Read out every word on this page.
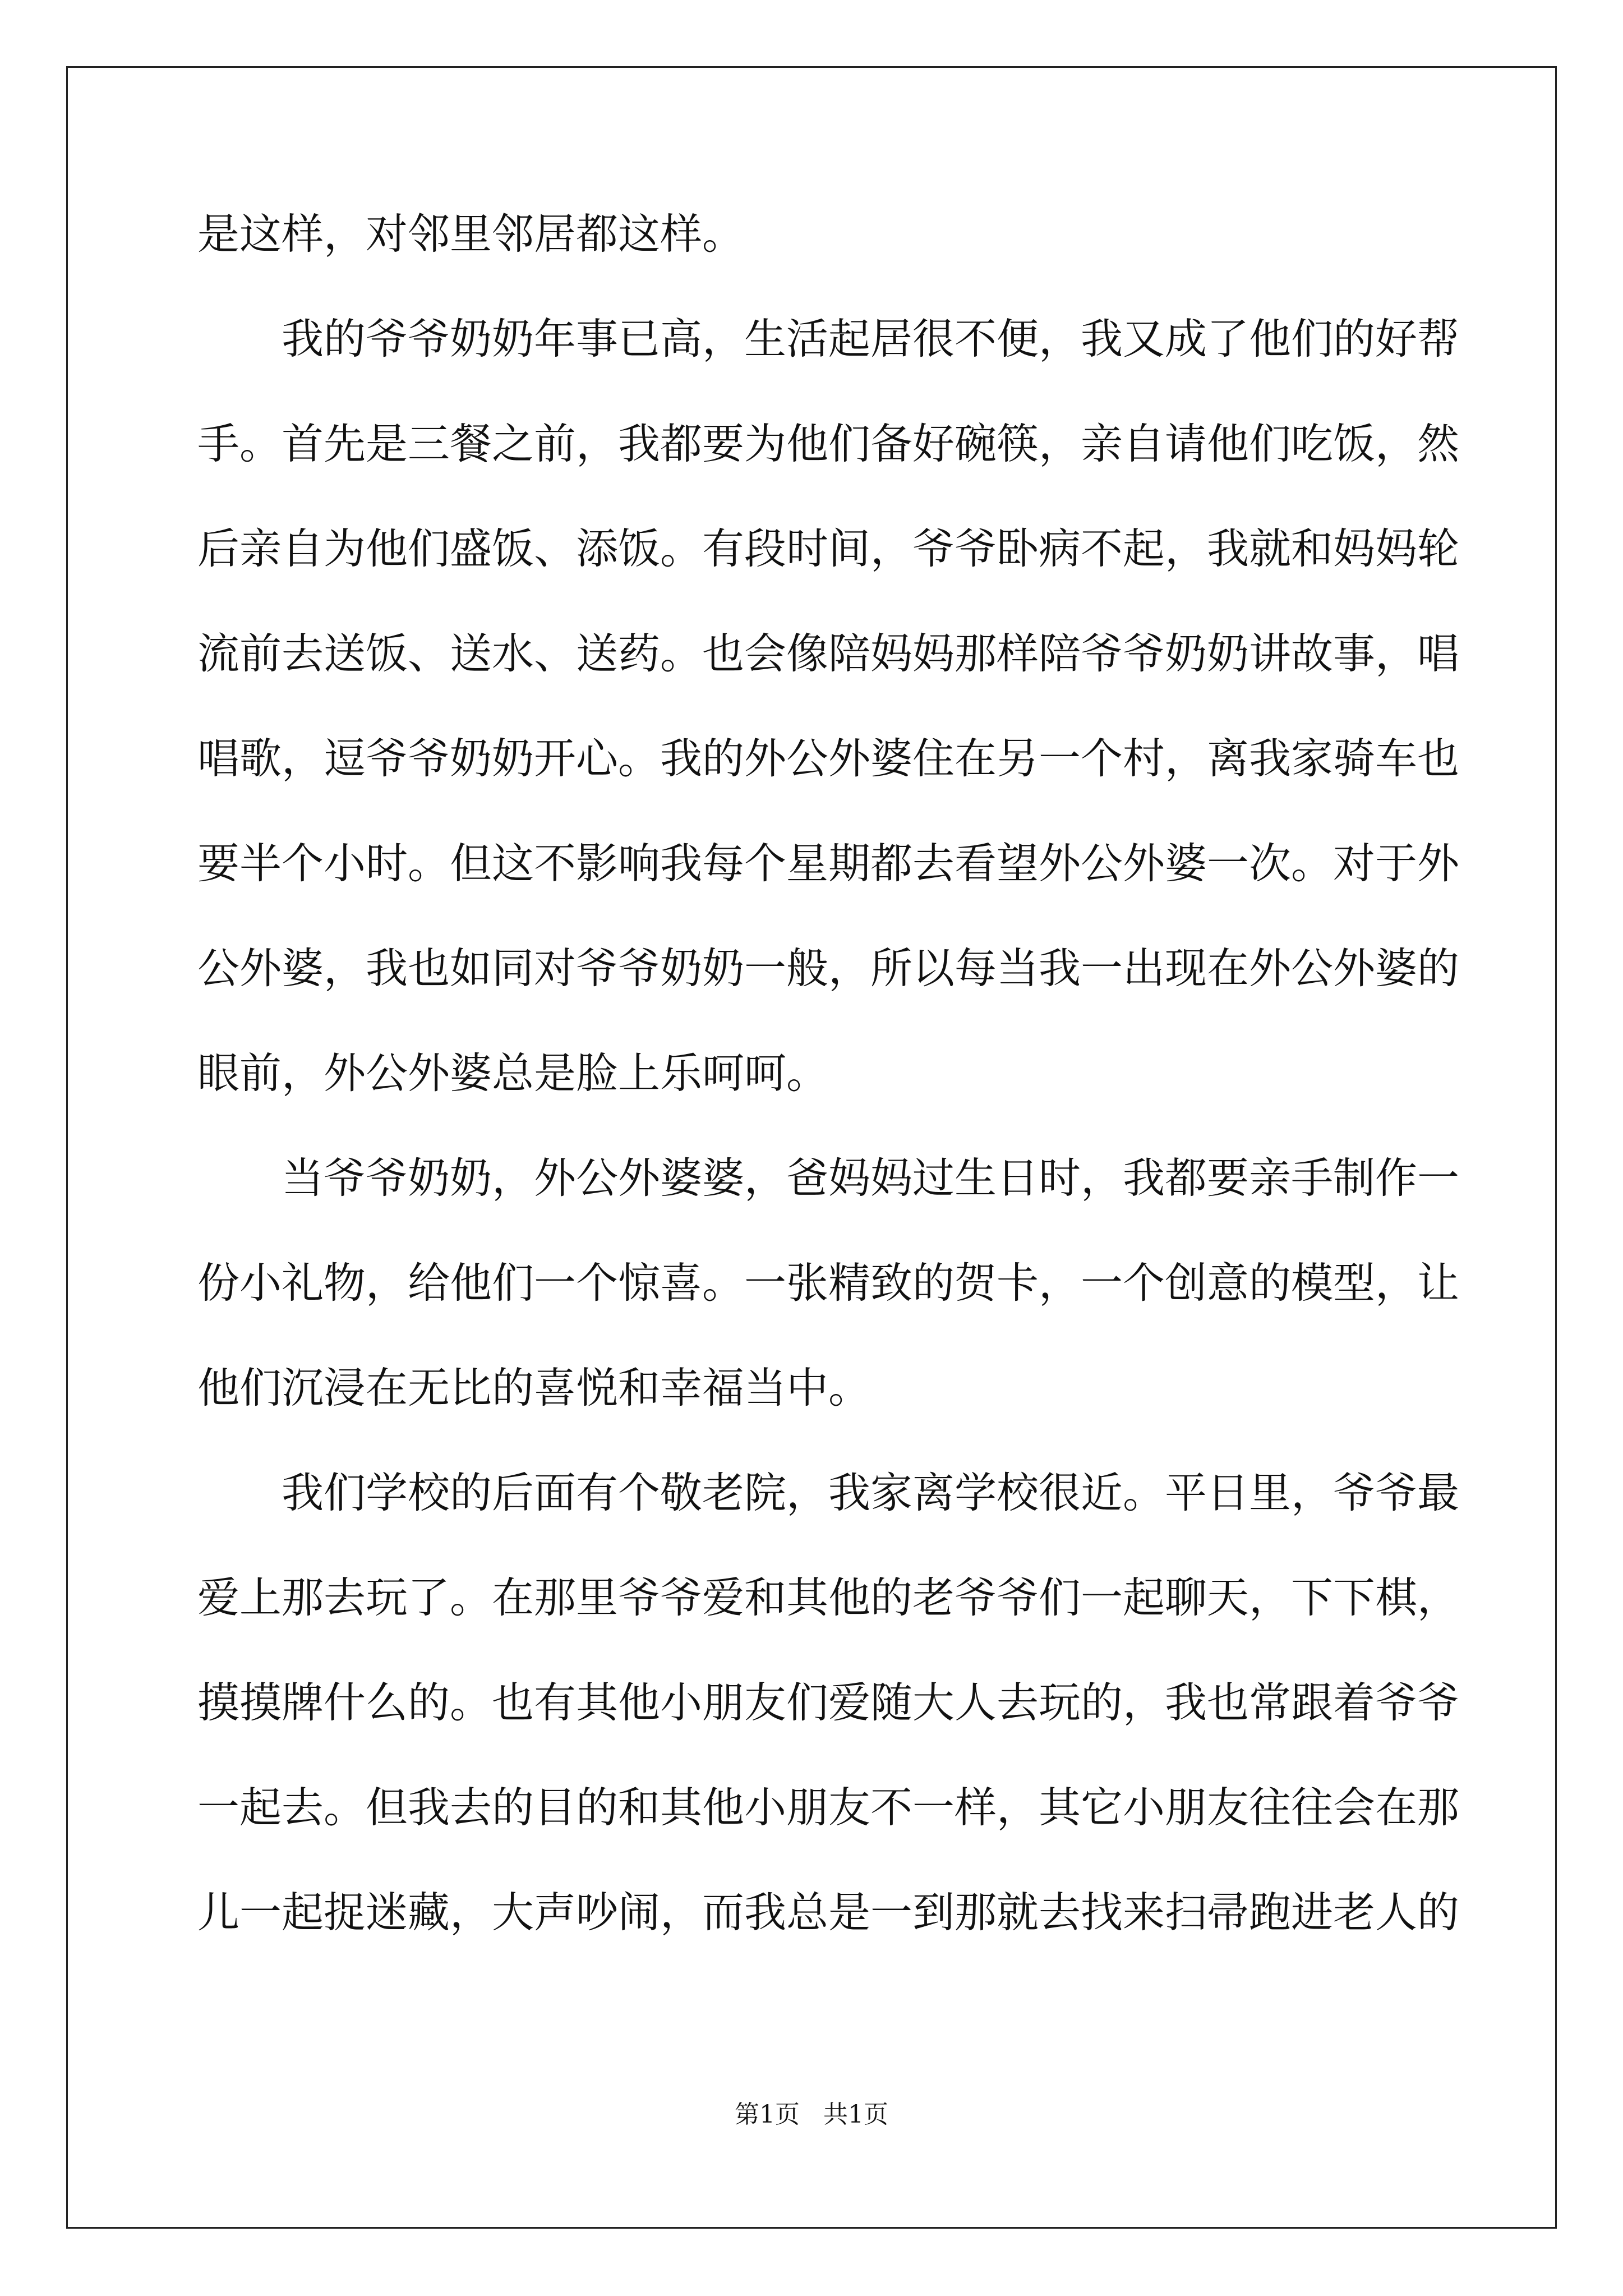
是这样，对邻里邻居都这样。
我的爷爷奶奶年事已高，生活起居很不便，我又成了他们的好帮
手。首先是三餐之前，我都要为他们备好碗筷，亲自请他们吃饭，然
后亲自为他们盛饭、添饭。有段时间，爷爷卧病不起，我就和妈妈轮
流前去送饭、送水、送药。也会像陪妈妈那样陪爷爷奶奶讲故事，唱
唱歌，逗爷爷奶奶开心。我的外公外婆住在另一个村，离我家骑车也
要半个小时。但这不影响我每个星期都去看望外公外婆一次。对于外
公外婆，我也如同对爷爷奶奶一般，所以每当我一出现在外公外婆的
眼前，外公外婆总是脸上乐呵呵。
当爷爷奶奶，外公外婆婆，爸妈妈过生日时，我都要亲手制作一
份小礼物，给他们一个惊喜。一张精致的贺卡，一个创意的模型，让
他们沉浸在无比的喜悦和幸福当中。
我们学校的后面有个敬老院，我家离学校很近。平日里，爷爷最
爱上那去玩了。在那里爷爷爱和其他的老爷爷们一起聊天，下下棋，
摸摸牌什么的。也有其他小朋友们爱随大人去玩的，我也常跟着爷爷
一起去。但我去的目的和其他小朋友不一样，其它小朋友往往会在那
儿一起捉迷藏，大声吵闹，而我总是一到那就去找来扫帚跑进老人的
第1页 共1页
